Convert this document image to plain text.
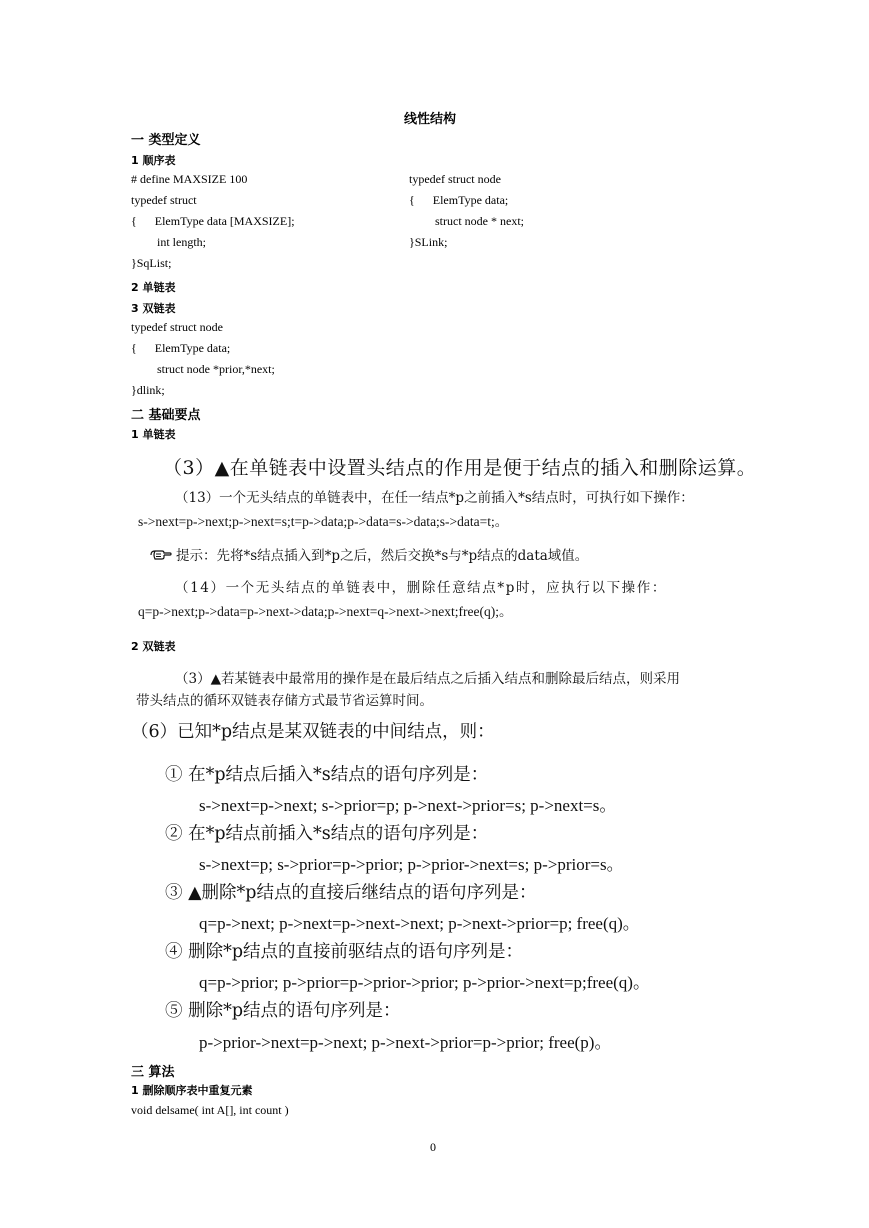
线性结构
一 类型定义
1 顺序表
# define MAXSIZE 100
typedef struct
{      ElemType data [MAXSIZE];
int length;
}SqList;
typedef struct node
{      ElemType data;
struct node * next;
}SLink;
2 单链表
3 双链表
typedef struct node
{      ElemType data;
struct node *prior,*next;
}dlink;
二 基础要点
1 单链表
（3）▲在单链表中设置头结点的作用是便于结点的插入和删除运算。
（13）一个无头结点的单链表中，在任一结点*p之前插入*s结点时，可执行如下操作：
s->next=p->next;p->next=s;t=p->data;p->data=s->data;s->data=t;。
提示：先将*s结点插入到*p之后，然后交换*s与*p结点的data域值。
（14）一个无头结点的单链表中，删除任意结点*p时，应执行以下操作：
q=p->next;p->data=p->next->data;p->next=q->next->next;free(q);。
2 双链表
（3）▲若某链表中最常用的操作是在最后结点之后插入结点和删除最后结点，则采用
带头结点的循环双链表存储方式最节省运算时间。
（6）已知*p结点是某双链表的中间结点，则：
① 在*p结点后插入*s结点的语句序列是：
s->next=p->next; s->prior=p; p->next->prior=s; p->next=s。
② 在*p结点前插入*s结点的语句序列是：
s->next=p; s->prior=p->prior; p->prior->next=s; p->prior=s。
③ ▲删除*p结点的直接后继结点的语句序列是：
q=p->next; p->next=p->next->next; p->next->prior=p; free(q)。
④ 删除*p结点的直接前驱结点的语句序列是：
q=p->prior; p->prior=p->prior->prior; p->prior->next=p;free(q)。
⑤ 删除*p结点的语句序列是：
p->prior->next=p->next; p->next->prior=p->prior; free(p)。
三 算法
1 删除顺序表中重复元素
void delsame( int A[], int count )
0
